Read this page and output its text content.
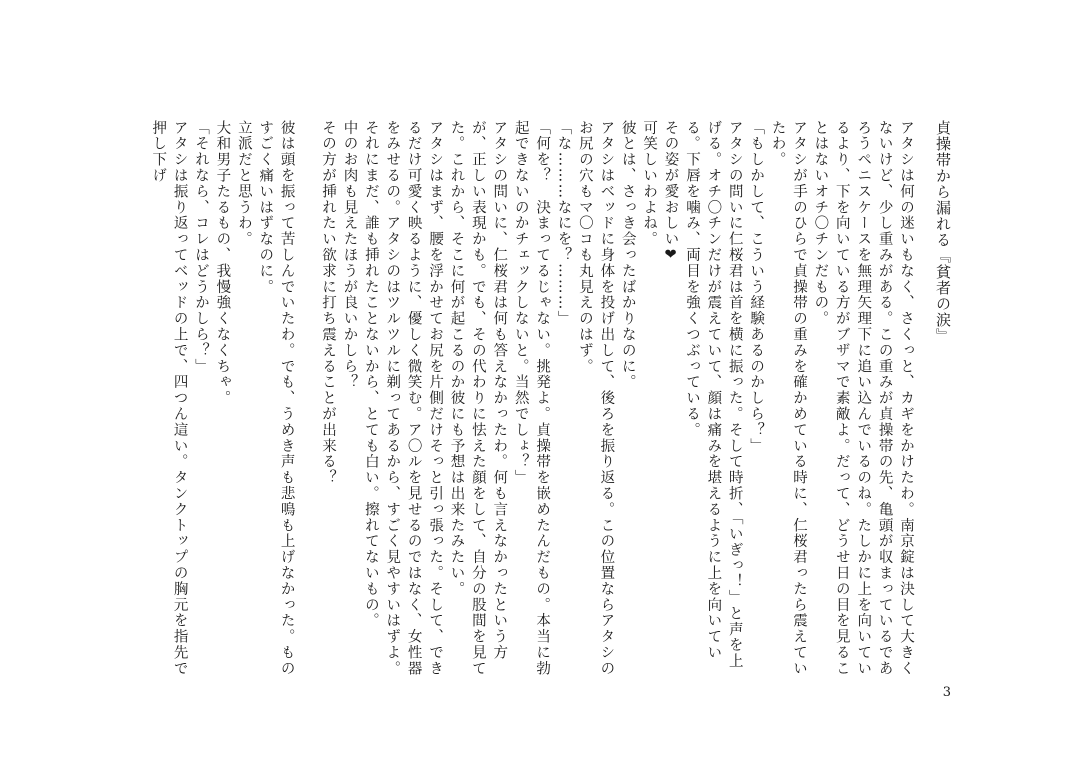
貞操帯から漏れる『貧者の涙』

アタシは何の迷いもなく、さくっと、カギをかけたわ。南京錠は決して大きくないけど、少し重みがある。この重みが貞操帯の先、亀頭が収まっているであろうペニスケースを無理矢理下に追い込んでいるのね。たしかに上を向いているより、下を向いている方がブザマで素敵よ。だって、どうせ日の目を見ることはないオチ〇チンだもの。

アタシが手のひらで貞操帯の重みを確かめている時に、仁桜君ったら震えていたわ。

「もしかして、こういう経験あるのかしら？」

アタシの問いに仁桜君は首を横に振った。そして時折、「いぎっ！」と声を上げる。オチ〇チンだけが震えていて、顔は痛みを堪えるように上を向いている。下唇を噛み、両目を強くつぶっている。

その姿が愛おしい❤

可笑しいわよね。

彼とは、さっき会ったばかりなのに。

アタシはベッドに身体を投げ出して、後ろを振り返る。この位置ならアタシのお尻の穴もマ〇コも丸見えのはず。

「な………なにを？………」

「何を？　決まってるじゃない。挑発よ。貞操帯を嵌めたんだもの。本当に勃起できないのかチェックしないと。当然でしょ？」

アタシの問いに、仁桜君は何も答えなかったわ。何も言えなかったという方が、正しい表現かも。でも、その代わりに怯えた顔をして、自分の股間を見てた。これから、そこに何が起こるのか彼にも予想は出来たみたい。

アタシはまず、腰を浮かせてお尻を片側だけそっと引っ張った。そして、できるだけ可愛く映るように、優しく微笑む。ア〇ルを見せるのではなく、女性器をみせるの。アタシのはツルツルに剃ってあるから、すごく見やすいはずよ。それにまだ、誰も挿れたことないから、とても白い。擦れてないもの。

中のお肉も見えたほうが良いかしら？

その方が挿れたい欲求に打ち震えることが出来る？

彼は頭を振って苦しんでいたわ。でも、うめき声も悲鳴も上げなかった。ものすごく痛いはずなのに。

立派だと思うわ。

大和男子たるもの、我慢強くなくちゃ。

「それなら、コレはどうかしら？」

アタシは振り返ってベッドの上で、四つん這い。タンクトップの胸元を指先で押し下げ

3
